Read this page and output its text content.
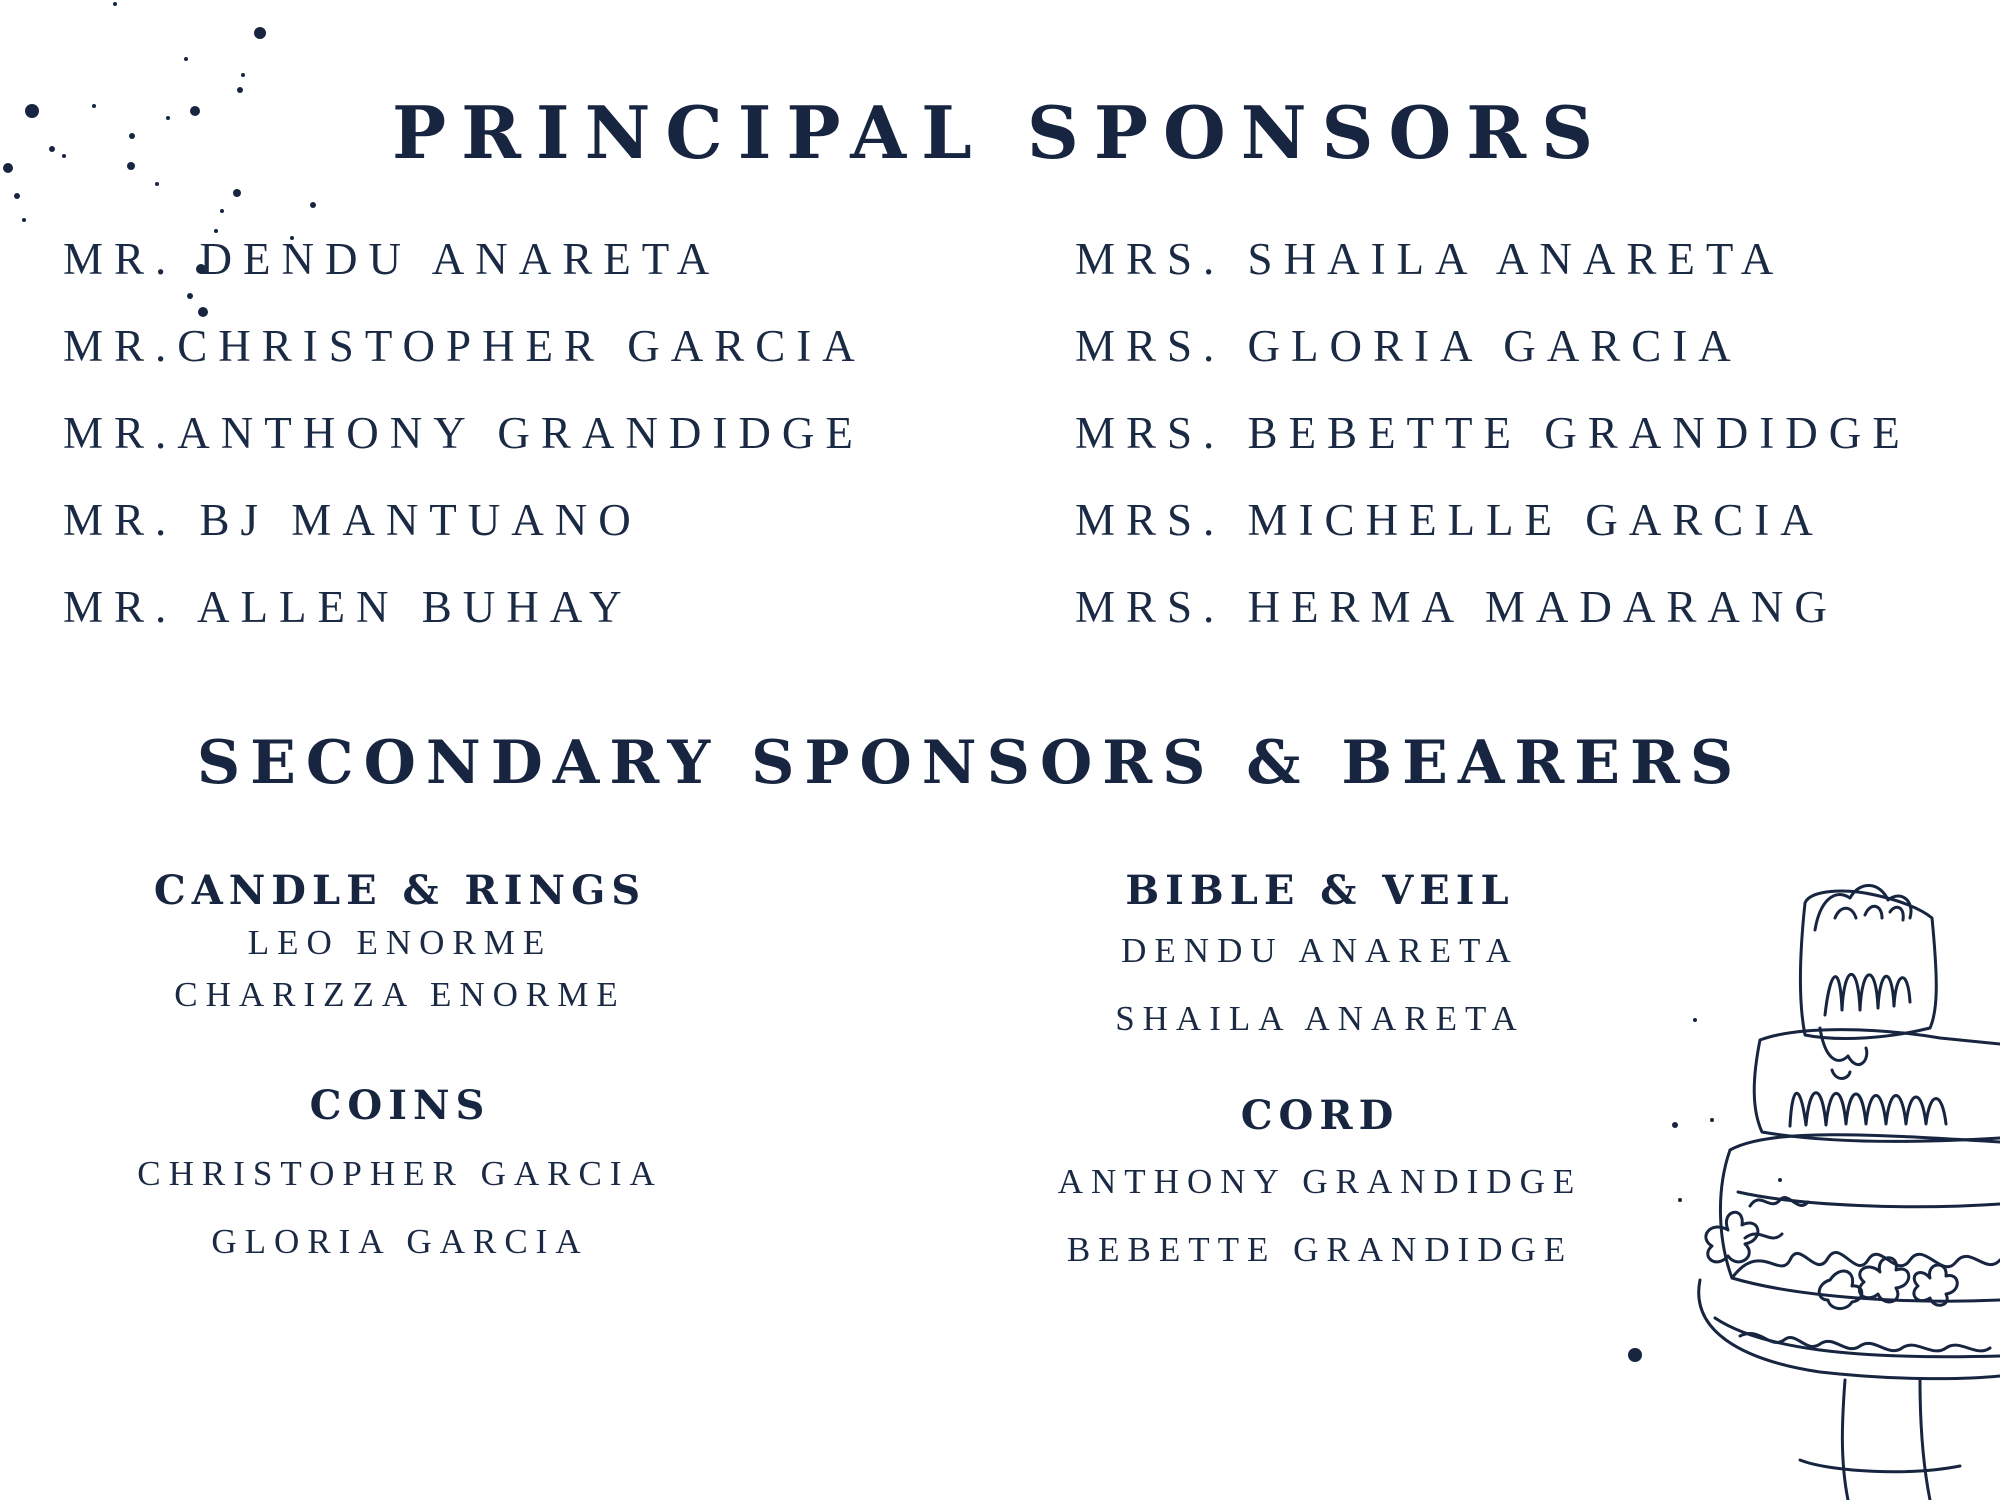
PRINCIPAL SPONSORS
MR. DENDU ANARETA
MR.CHRISTOPHER GARCIA
MR.ANTHONY GRANDIDGE
MR. BJ MANTUANO
MR. ALLEN BUHAY
MRS. SHAILA ANARETA
MRS. GLORIA GARCIA
MRS. BEBETTE GRANDIDGE
MRS. MICHELLE GARCIA
MRS. HERMA MADARANG
SECONDARY SPONSORS & BEARERS
CANDLE & RINGS
LEO ENORME
CHARIZZA ENORME
COINS
CHRISTOPHER GARCIA
GLORIA GARCIA
BIBLE & VEIL
DENDU ANARETA
SHAILA ANARETA
CORD
ANTHONY GRANDIDGE
BEBETTE GRANDIDGE
